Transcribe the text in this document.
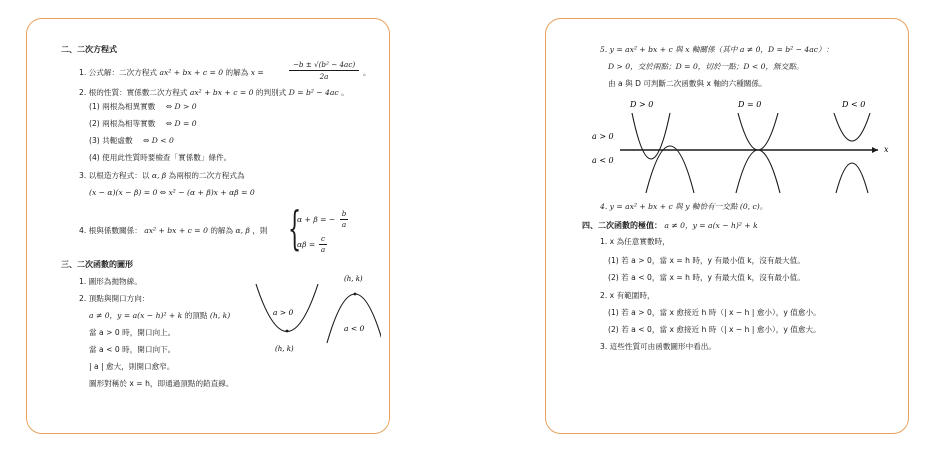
二、二次方程式
1. 公式解：二次方程式 ax² + bx + c = 0 的解為 x =
−b ± √(b² − 4ac)
2a	。
2. 根的性質：實係數二次方程式 ax² + bx + c = 0 的判別式 D = b² − 4ac 。
(1) 兩根為相異實數 ⇔ D > 0
(2) 兩根為相等實數 ⇔ D = 0
(3) 共軛虛數 ⇔ D < 0
(4) 使用此性質時要檢查「實係數」條件。
3. 以根造方程式：以 α, β 為兩根的二次方程式為
(x − α)(x − β) = 0 ⇔ x² − (α + β)x + αβ = 0
4. 根與係數關係： ax² + bx + c = 0 的解為 α, β ，則 {
α + β = −
b
a
αβ =
c
a
三、二次函數的圖形
1. 圖形為拋物線。
2. 頂點與開口方向：
a ≠ 0，y = a(x − h)² + k 的頂點 (h, k)
當 a > 0 時，開口向上。
當 a < 0 時，開口向下。
| a | 愈大，則開口愈窄。
圖形對稱於 x = h，即通過頂點的鉛直線。
a > 0
(h, k)
a < 0
(h, k)
5. y = ax² + bx + c 與 x 軸關係（其中 a ≠ 0，D = b² − 4ac）：
D > 0，交於兩點；D = 0，切於一點；D < 0，無交點。
由 a 與 D 可判斷二次函數與 x 軸的六種關係。
D > 0	D = 0	D < 0
a > 0
a < 0
x
4. y = ax² + bx + c 與 y 軸恰有一交點 (0, c)。
四、二次函數的極值： a ≠ 0，y = a(x − h)² + k
1. x 為任意實數時，
(1) 若 a > 0，當 x = h 時，y 有最小值 k，沒有最大值。
(2) 若 a < 0，當 x = h 時，y 有最大值 k，沒有最小值。
2. x 有範圍時，
(1) 若 a > 0，當 x 愈接近 h 時（| x − h | 愈小），y 值愈小。
(2) 若 a < 0，當 x 愈接近 h 時（| x − h | 愈小），y 值愈大。
3. 這些性質可由函數圖形中看出。
